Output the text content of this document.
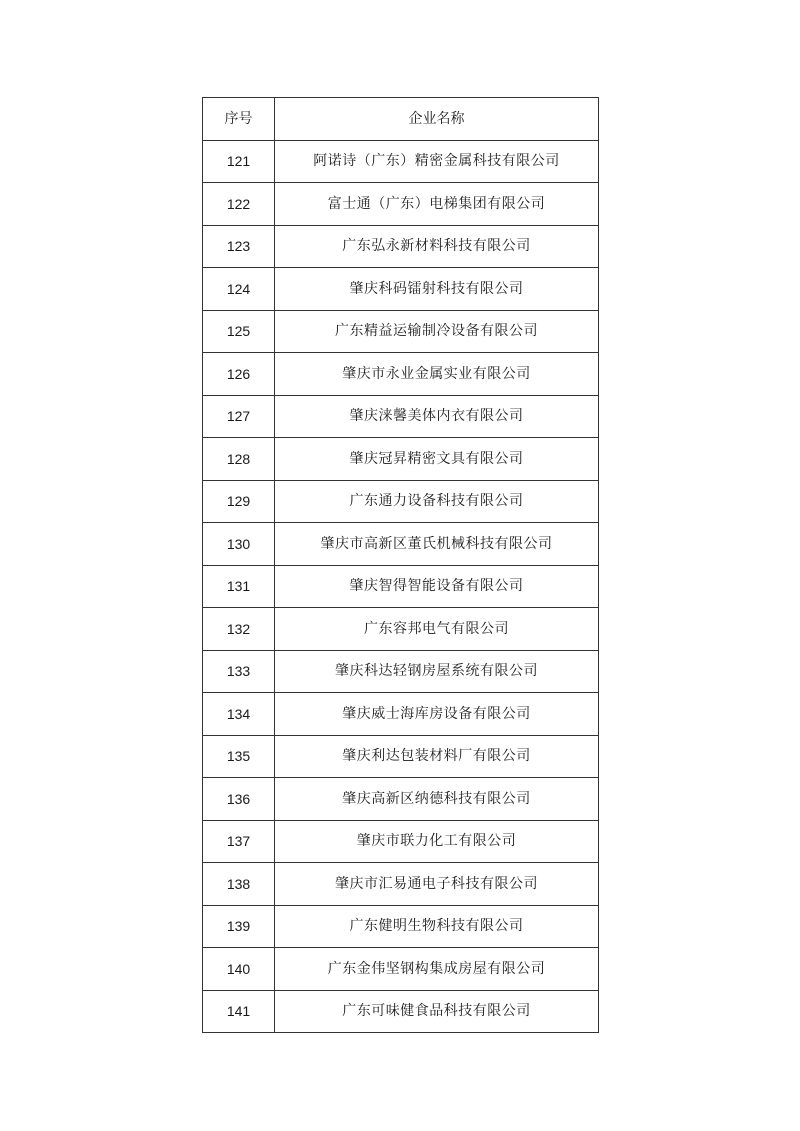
序号	企业名称
121	阿诺诗（广东）精密金属科技有限公司
122	富士通（广东）电梯集团有限公司
123	广东弘永新材料科技有限公司
124	肇庆科码镭射科技有限公司
125	广东精益运输制冷设备有限公司
126	肇庆市永业金属实业有限公司
127	肇庆涞馨美体内衣有限公司
128	肇庆冠昇精密文具有限公司
129	广东通力设备科技有限公司
130	肇庆市高新区董氏机械科技有限公司
131	肇庆智得智能设备有限公司
132	广东容邦电气有限公司
133	肇庆科达轻钢房屋系统有限公司
134	肇庆威士海库房设备有限公司
135	肇庆利达包装材料厂有限公司
136	肇庆高新区纳德科技有限公司
137	肇庆市联力化工有限公司
138	肇庆市汇易通电子科技有限公司
139	广东健明生物科技有限公司
140	广东金伟坚钢构集成房屋有限公司
141	广东可味健食品科技有限公司
